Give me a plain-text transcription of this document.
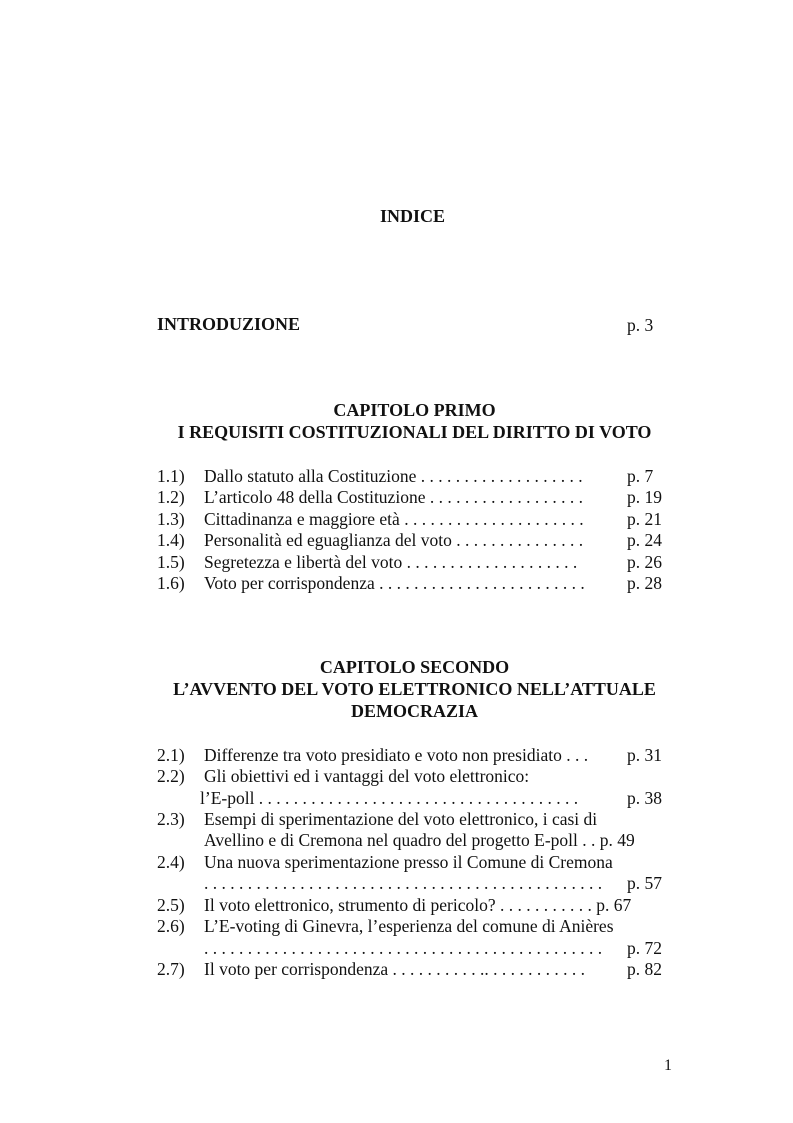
INDICE
INTRODUZIONE	p. 3
CAPITOLO PRIMO
I REQUISITI COSTITUZIONALI DEL DIRITTO DI VOTO
1.1) Dallo statuto alla Costituzione . . . . . . . . . . . . . . . . . . .	p. 7
1.2) L’articolo 48 della Costituzione . . . . . . . . . . . . . . . . . .	p. 19
1.3) Cittadinanza e maggiore età . . . . . . . . . . . . . . . . . . . . . p. 21
1.4) Personalità ed eguaglianza del voto . . . . . . . . . . . . . . .	p. 24
1.5) Segretezza e libertà del voto . . . . . . . . . . . . . . . . . . . .	p. 26
1.6) Voto per corrispondenza . . . . . . . . . . . . . . . . . . . . . . . . p. 28
CAPITOLO SECONDO
L’AVVENTO DEL VOTO ELETTRONICO NELL’ATTUALE
DEMOCRAZIA
2.1) Differenze tra voto presidiato e voto non presidiato . . . p. 31
2.2) Gli obiettivi ed i vantaggi del voto elettronico:
l’E-poll . . . . . . . . . . . . . . . . . . . . . . . . . . . . . . . . . . . . .	p. 38
2.3) Esempi di sperimentazione del voto elettronico, i casi di
Avellino e di Cremona nel quadro del progetto E-poll . . p. 49
2.4) Una nuova sperimentazione presso il Comune di Cremona
. . . . . . . . . . . . . . . . . . . . . . . . . . . . . . . . . . . . . . . . . . . . . . p. 57
2.5) Il voto elettronico, strumento di pericolo? . . . . . . . . . . . p. 67
2.6) L’E-voting di Ginevra, l’esperienza del comune di Anières
. . . . . . . . . . . . . . . . . . . . . . . . . . . . . . . . . . . . . . . . . . . . . . p. 72
2.7) Il voto per corrispondenza . . . . . . . . . . .. . . . . . . . . . . . p. 82
1
